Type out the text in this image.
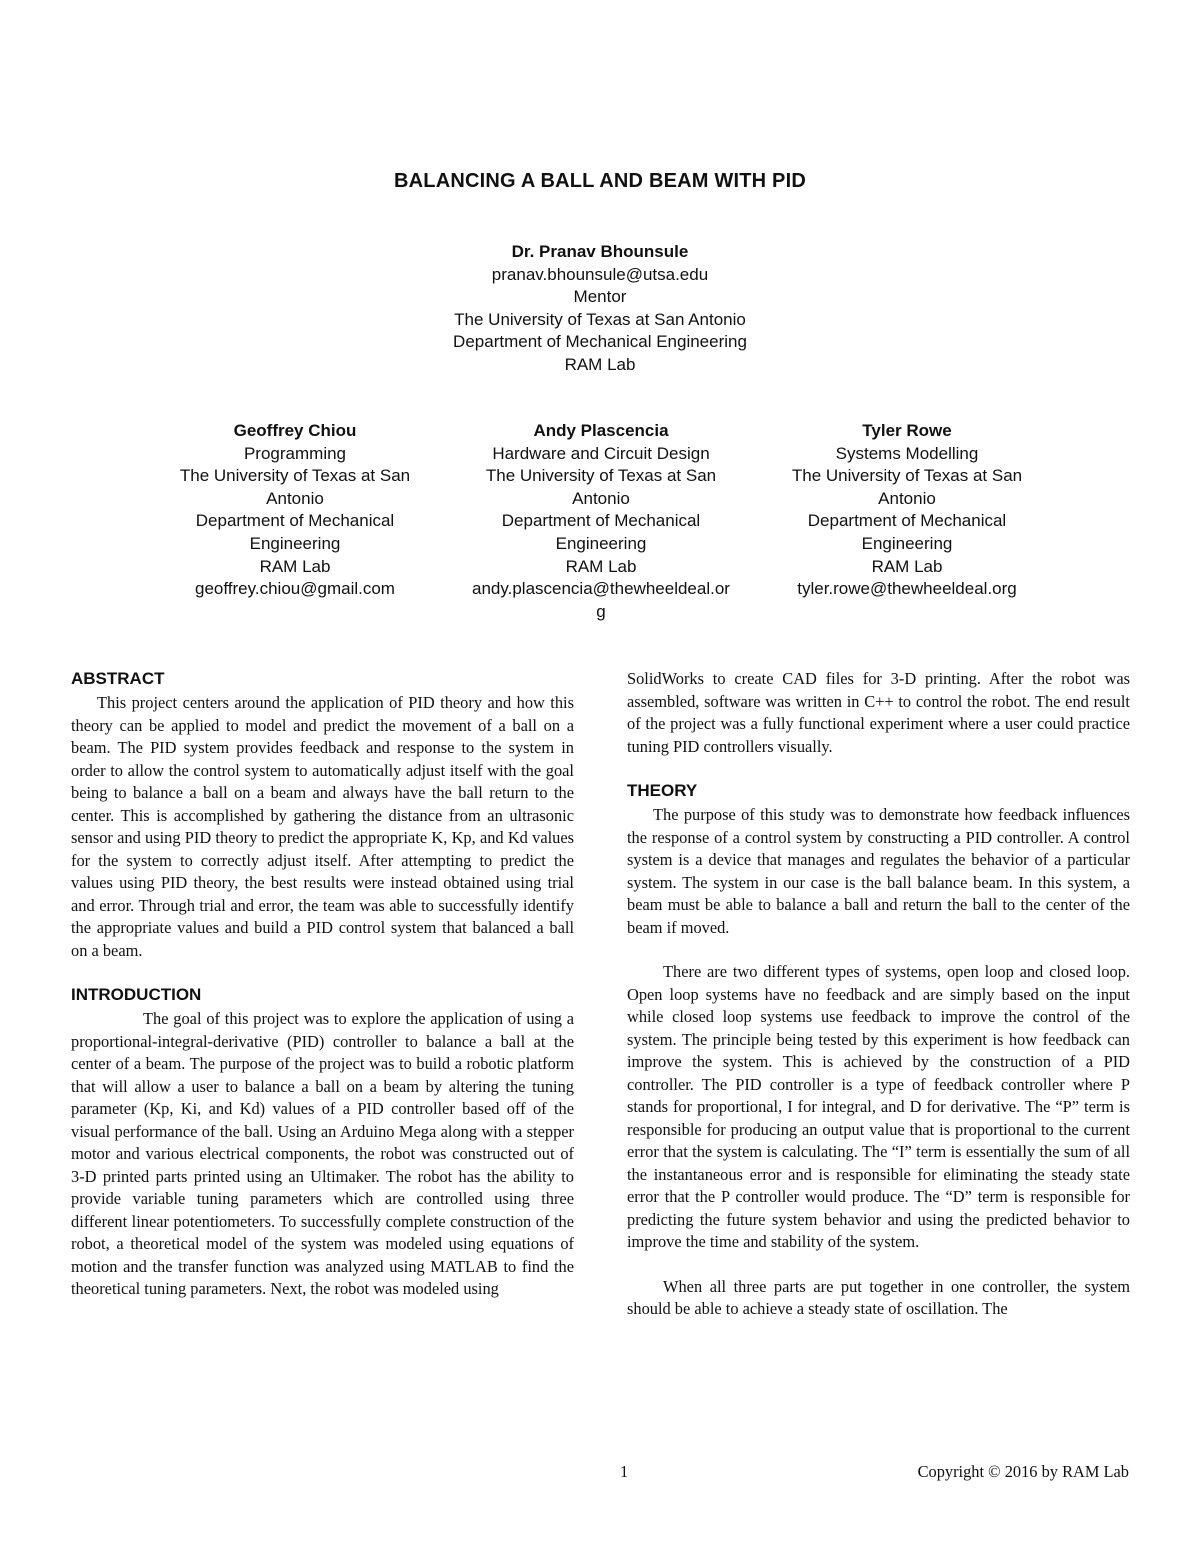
BALANCING A BALL AND BEAM WITH PID
Dr. Pranav Bhounsule
pranav.bhounsule@utsa.edu
Mentor
The University of Texas at San Antonio
Department of Mechanical Engineering
RAM Lab
Geoffrey Chiou
Programming
The University of Texas at San Antonio
Department of Mechanical Engineering
RAM Lab
geoffrey.chiou@gmail.com
Andy Plascencia
Hardware and Circuit Design
The University of Texas at San Antonio
Department of Mechanical Engineering
RAM Lab
andy.plascencia@thewheeldeal.org
Tyler Rowe
Systems Modelling
The University of Texas at San Antonio
Department of Mechanical Engineering
RAM Lab
tyler.rowe@thewheeldeal.org
ABSTRACT

This project centers around the application of PID theory and how this theory can be applied to model and predict the movement of a ball on a beam. The PID system provides feedback and response to the system in order to allow the control system to automatically adjust itself with the goal being to balance a ball on a beam and always have the ball return to the center. This is accomplished by gathering the distance from an ultrasonic sensor and using PID theory to predict the appropriate K, Kp, and Kd values for the system to correctly adjust itself. After attempting to predict the values using PID theory, the best results were instead obtained using trial and error. Through trial and error, the team was able to successfully identify the appropriate values and build a PID control system that balanced a ball on a beam.

INTRODUCTION

The goal of this project was to explore the application of using a proportional-integral-derivative (PID) controller to balance a ball at the center of a beam. The purpose of the project was to build a robotic platform that will allow a user to balance a ball on a beam by altering the tuning parameter (Kp, Ki, and Kd) values of a PID controller based off of the visual performance of the ball. Using an Arduino Mega along with a stepper motor and various electrical components, the robot was constructed out of 3-D printed parts printed using an Ultimaker. The robot has the ability to provide variable tuning parameters which are controlled using three different linear potentiometers. To successfully complete construction of the robot, a theoretical model of the system was modeled using equations of motion and the transfer function was analyzed using MATLAB to find the theoretical tuning parameters. Next, the robot was modeled using

SolidWorks to create CAD files for 3-D printing. After the robot was assembled, software was written in C++ to control the robot. The end result of the project was a fully functional experiment where a user could practice tuning PID controllers visually.

THEORY

The purpose of this study was to demonstrate how feedback influences the response of a control system by constructing a PID controller. A control system is a device that manages and regulates the behavior of a particular system. The system in our case is the ball balance beam. In this system, a beam must be able to balance a ball and return the ball to the center of the beam if moved.

There are two different types of systems, open loop and closed loop. Open loop systems have no feedback and are simply based on the input while closed loop systems use feedback to improve the control of the system. The principle being tested by this experiment is how feedback can improve the system. This is achieved by the construction of a PID controller. The PID controller is a type of feedback controller where P stands for proportional, I for integral, and D for derivative. The “P” term is responsible for producing an output value that is proportional to the current error that the system is calculating. The “I” term is essentially the sum of all the instantaneous error and is responsible for eliminating the steady state error that the P controller would produce. The “D” term is responsible for predicting the future system behavior and using the predicted behavior to improve the time and stability of the system.

When all three parts are put together in one controller, the system should be able to achieve a steady state of oscillation. The

1	Copyright © 2016 by RAM Lab
